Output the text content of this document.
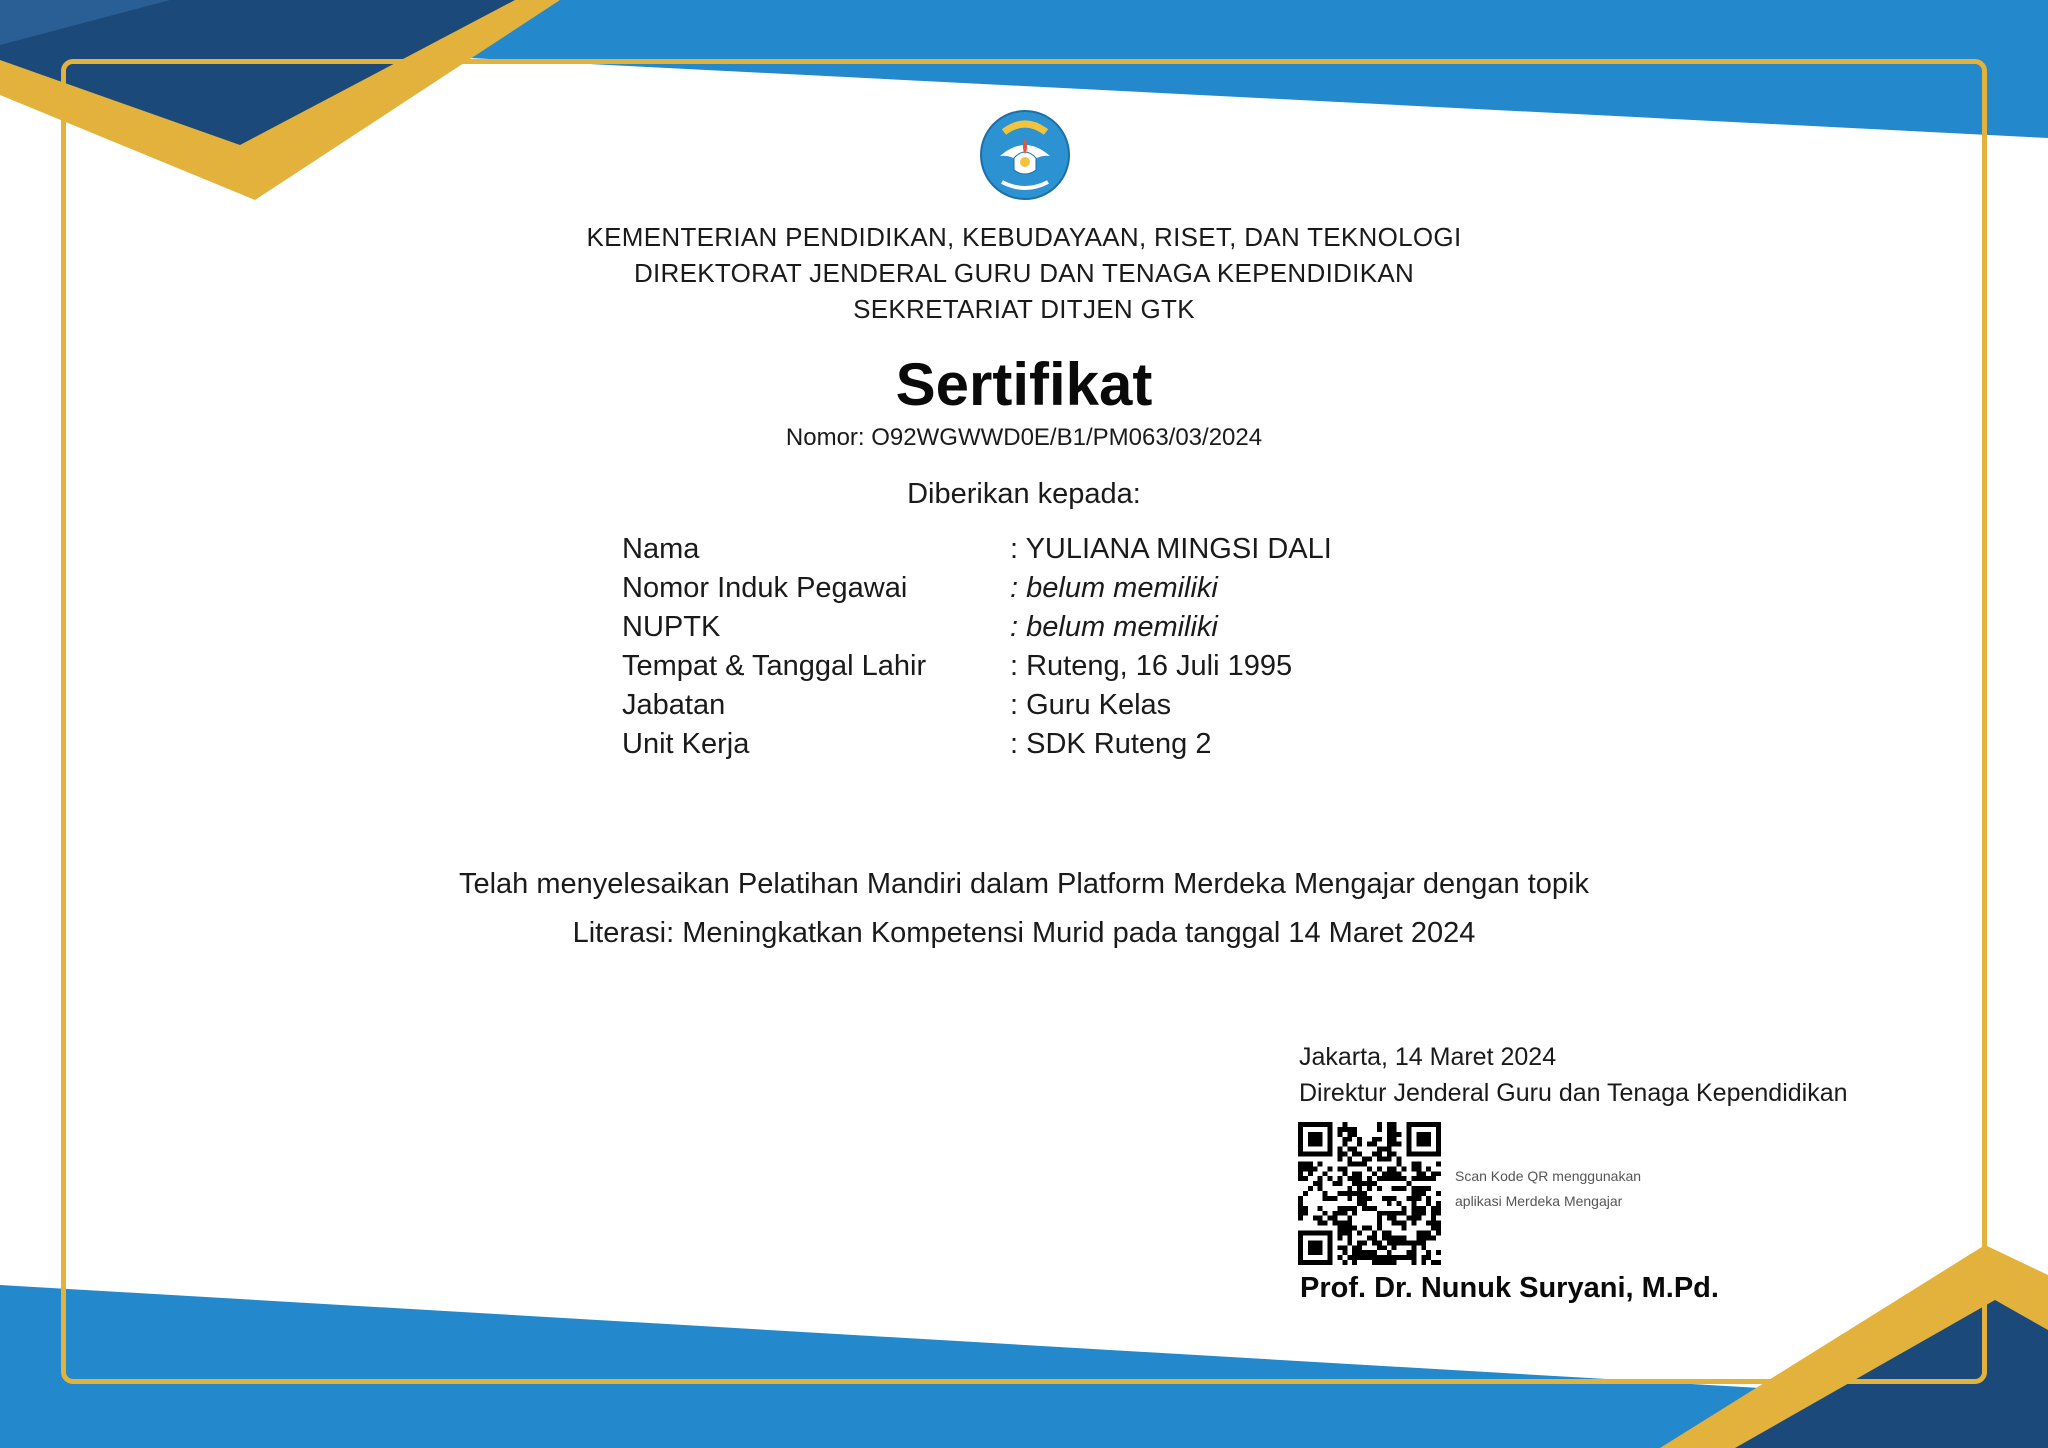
KEMENTERIAN PENDIDIKAN, KEBUDAYAAN, RISET, DAN TEKNOLOGI
DIREKTORAT JENDERAL GURU DAN TENAGA KEPENDIDIKAN
SEKRETARIAT DITJEN GTK
Sertifikat
Nomor: O92WGWWD0E/B1/PM063/03/2024
Diberikan kepada:
Nama	: YULIANA MINGSI DALI
Nomor Induk Pegawai	: belum memiliki
NUPTK	: belum memiliki
Tempat & Tanggal Lahir	: Ruteng, 16 Juli 1995
Jabatan	: Guru Kelas
Unit Kerja	: SDK Ruteng 2
Telah menyelesaikan Pelatihan Mandiri dalam Platform Merdeka Mengajar dengan topik
Literasi: Meningkatkan Kompetensi Murid pada tanggal 14 Maret 2024
Jakarta, 14 Maret 2024
Direktur Jenderal Guru dan Tenaga Kependidikan
Scan Kode QR menggunakan
aplikasi Merdeka Mengajar
Prof. Dr. Nunuk Suryani, M.Pd.
